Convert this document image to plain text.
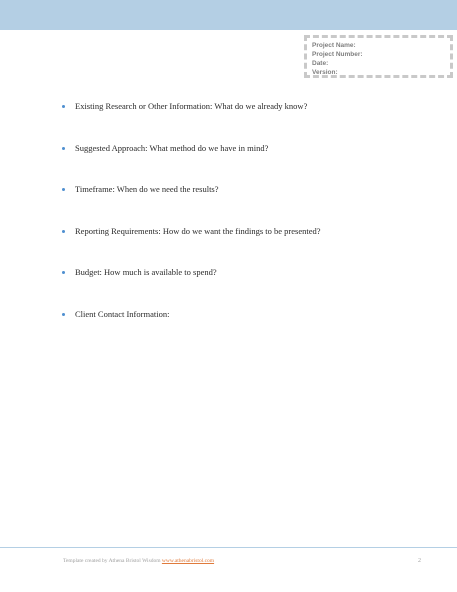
Project Name:
Project Number:
Date:
Version:
Existing Research or Other Information: What do we already know?
Suggested Approach: What method do we have in mind?
Timeframe: When do we need the results?
Reporting Requirements: How do we want the findings to be presented?
Budget: How much is available to spend?
Client Contact Information:
Template created by Athena Bristol Wisdom www.athenabristol.com	2
